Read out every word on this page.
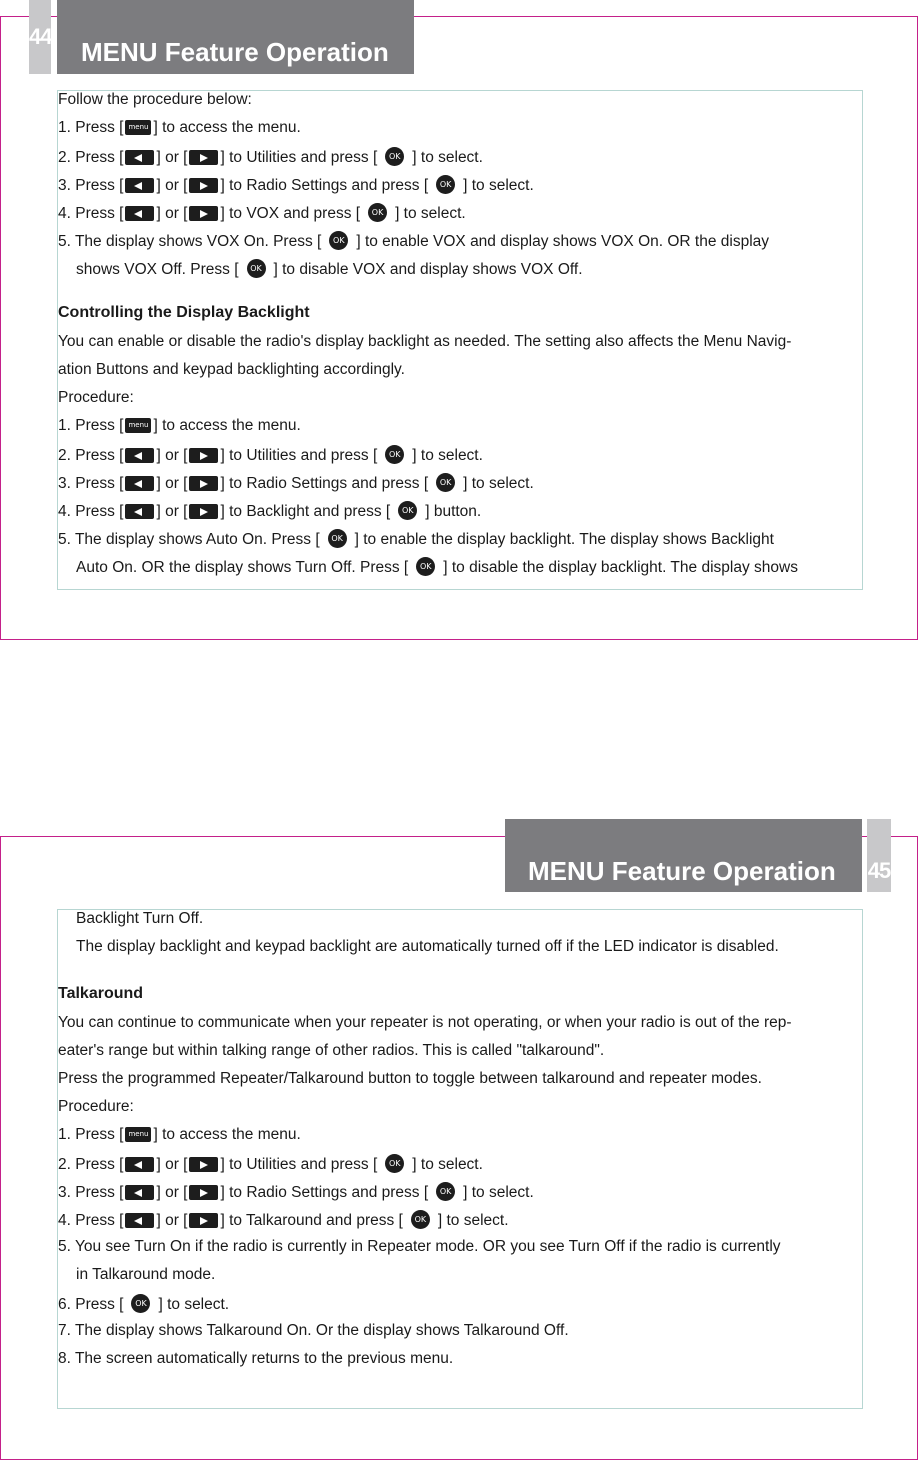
44
MENU Feature Operation
Follow the procedure below:
1. Press [ menu ] to access the menu.
2. Press [ ] or [ ] to Utilities and press [ OK ] to select.
3. Press [ ] or [ ] to Radio Settings and press [ OK ] to select.
4. Press [ ] or [ ] to VOX and press [ OK ] to select.
5. The display shows VOX On. Press [ OK ] to enable VOX and display shows VOX On. OR the display
shows VOX Off. Press [ OK ] to disable VOX and display shows VOX Off.
Controlling the Display Backlight
You can enable or disable the radio's display backlight as needed. The setting also affects the Menu Navig-
ation Buttons and keypad backlighting accordingly.
Procedure:
1. Press [ menu ] to access the menu.
2. Press [ ] or [ ] to Utilities and press [ OK ] to select.
3. Press [ ] or [ ] to Radio Settings and press [ OK ] to select.
4. Press [ ] or [ ] to Backlight and press [ OK ] button.
5. The display shows Auto On. Press [ OK ] to enable the display backlight. The display shows Backlight
Auto On. OR the display shows Turn Off. Press [ OK ] to disable the display backlight. The display shows
MENU Feature Operation	45
Backlight Turn Off.
The display backlight and keypad backlight are automatically turned off if the LED indicator is disabled.
Talkaround
You can continue to communicate when your repeater is not operating, or when your radio is out of the rep-
eater's range but within talking range of other radios. This is called "talkaround".
Press the programmed Repeater/Talkaround button to toggle between talkaround and repeater modes.
Procedure:
1. Press [ menu ] to access the menu.
2. Press [ ] or [ ] to Utilities and press [ OK ] to select.
3. Press [ ] or [ ] to Radio Settings and press [ OK ] to select.
4. Press [ ] or [ ] to Talkaround and press [ OK ] to select.
5. You see Turn On if the radio is currently in Repeater mode. OR you see Turn Off if the radio is currently
in Talkaround mode.
6. Press [ OK ] to select.
7. The display shows Talkaround On. Or the display shows Talkaround Off.
8. The screen automatically returns to the previous menu.
